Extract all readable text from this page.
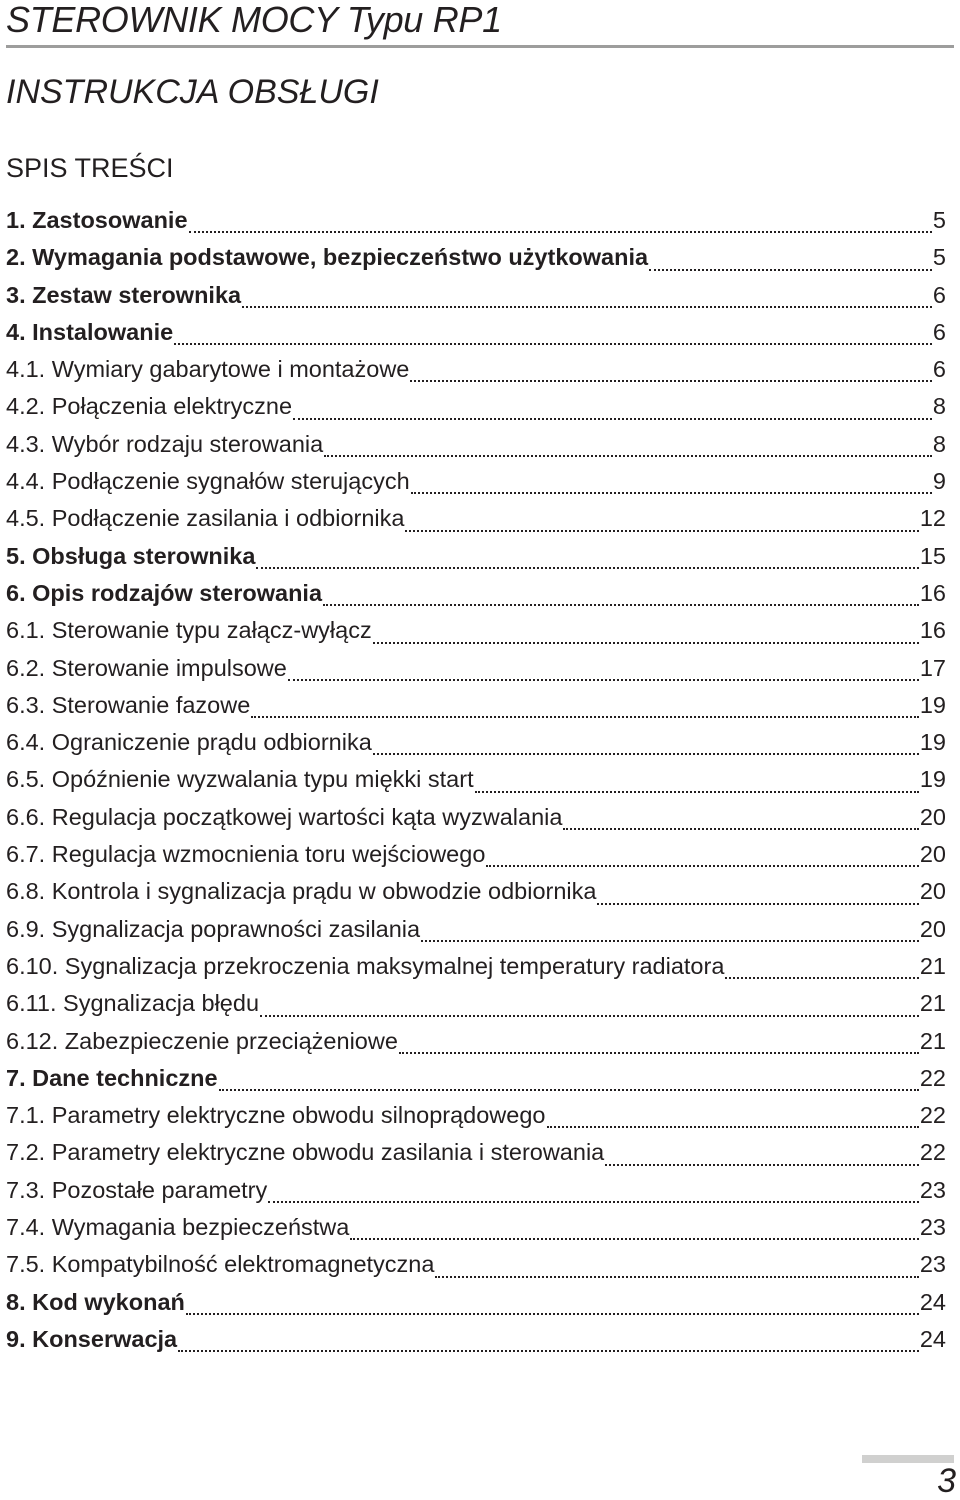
STEROWNIK MOCY Typu RP1
INSTRUKCJA OBSŁUGI
SPIS TREŚCI
1. Zastosowanie	5
2. Wymagania podstawowe, bezpieczeństwo użytkowania	5
3. Zestaw sterownika	6
4. Instalowanie	6
4.1. Wymiary gabarytowe i montażowe	6
4.2. Połączenia elektryczne	8
4.3. Wybór rodzaju sterowania	8
4.4. Podłączenie sygnałów sterujących	9
4.5. Podłączenie zasilania i odbiornika	12
5. Obsługa sterownika	15
6. Opis rodzajów sterowania	16
6.1. Sterowanie typu załącz-wyłącz	16
6.2. Sterowanie impulsowe	17
6.3. Sterowanie fazowe	19
6.4. Ograniczenie prądu odbiornika	19
6.5. Opóźnienie wyzwalania typu miękki start	19
6.6. Regulacja początkowej wartości kąta wyzwalania	20
6.7. Regulacja wzmocnienia toru wejściowego	20
6.8. Kontrola i sygnalizacja prądu w obwodzie odbiornika	20
6.9. Sygnalizacja poprawności zasilania	20
6.10. Sygnalizacja przekroczenia maksymalnej temperatury radiatora	21
6.11. Sygnalizacja błędu	21
6.12. Zabezpieczenie przeciążeniowe	21
7. Dane techniczne	22
7.1. Parametry elektryczne obwodu silnoprądowego	22
7.2. Parametry elektryczne obwodu zasilania i sterowania	22
7.3. Pozostałe parametry	23
7.4. Wymagania bezpieczeństwa	23
7.5. Kompatybilność elektromagnetyczna	23
8. Kod wykonań	24
9. Konserwacja	24

3
